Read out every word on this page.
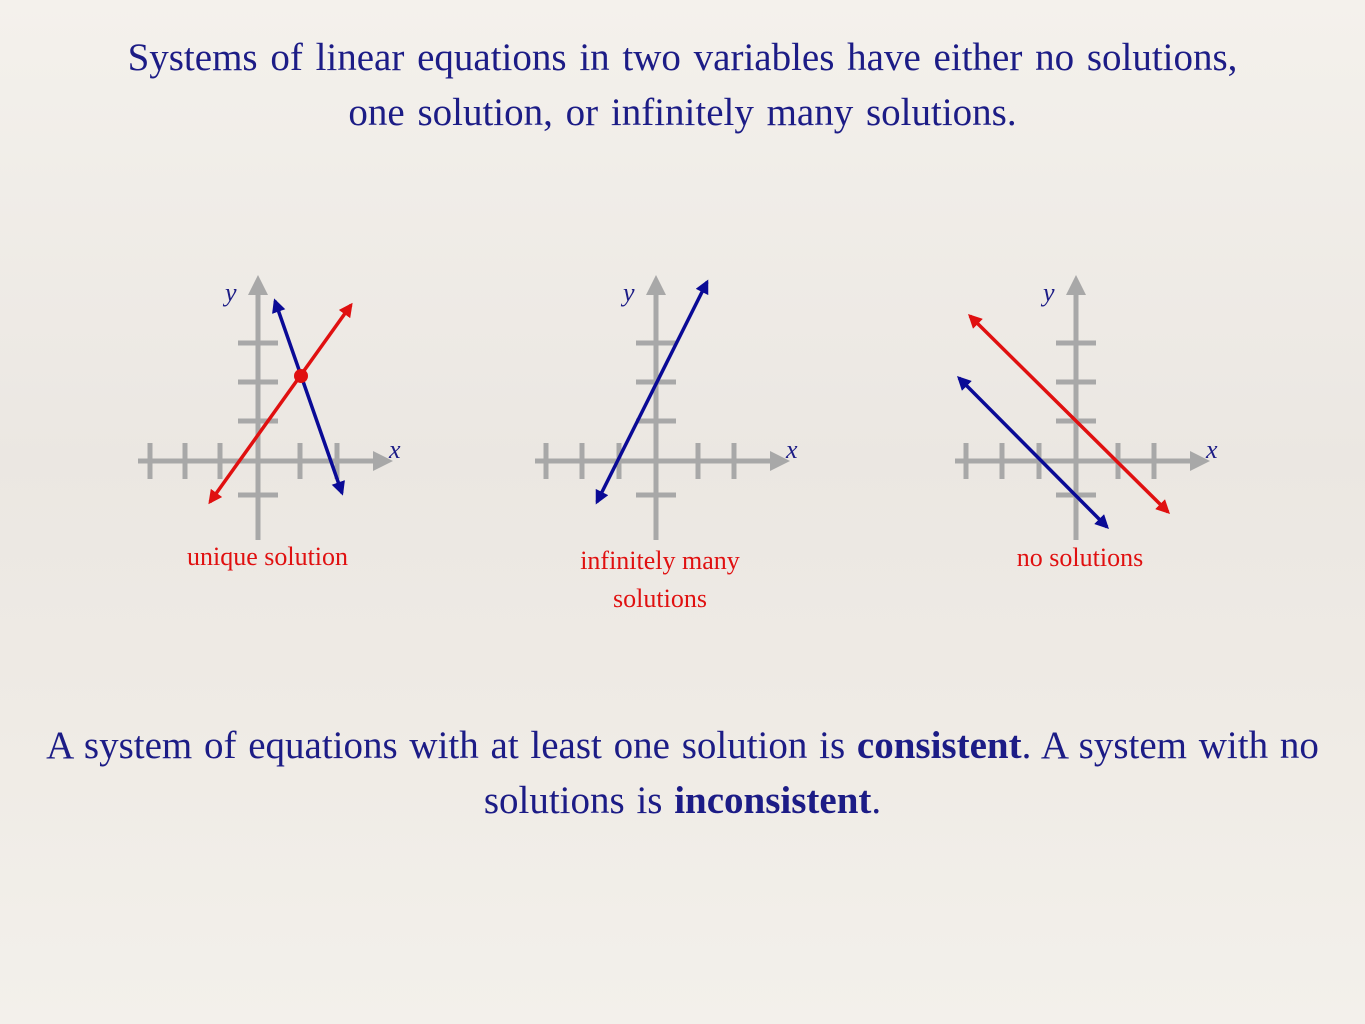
Systems of linear equations in two variables have either no solutions,
one solution, or infinitely many solutions.
y
x
y
x
y
x
unique solution	infinitely many
solutions
no solutions

A system of equations with at least one solution is consistent. A system with no solutions is inconsistent.
